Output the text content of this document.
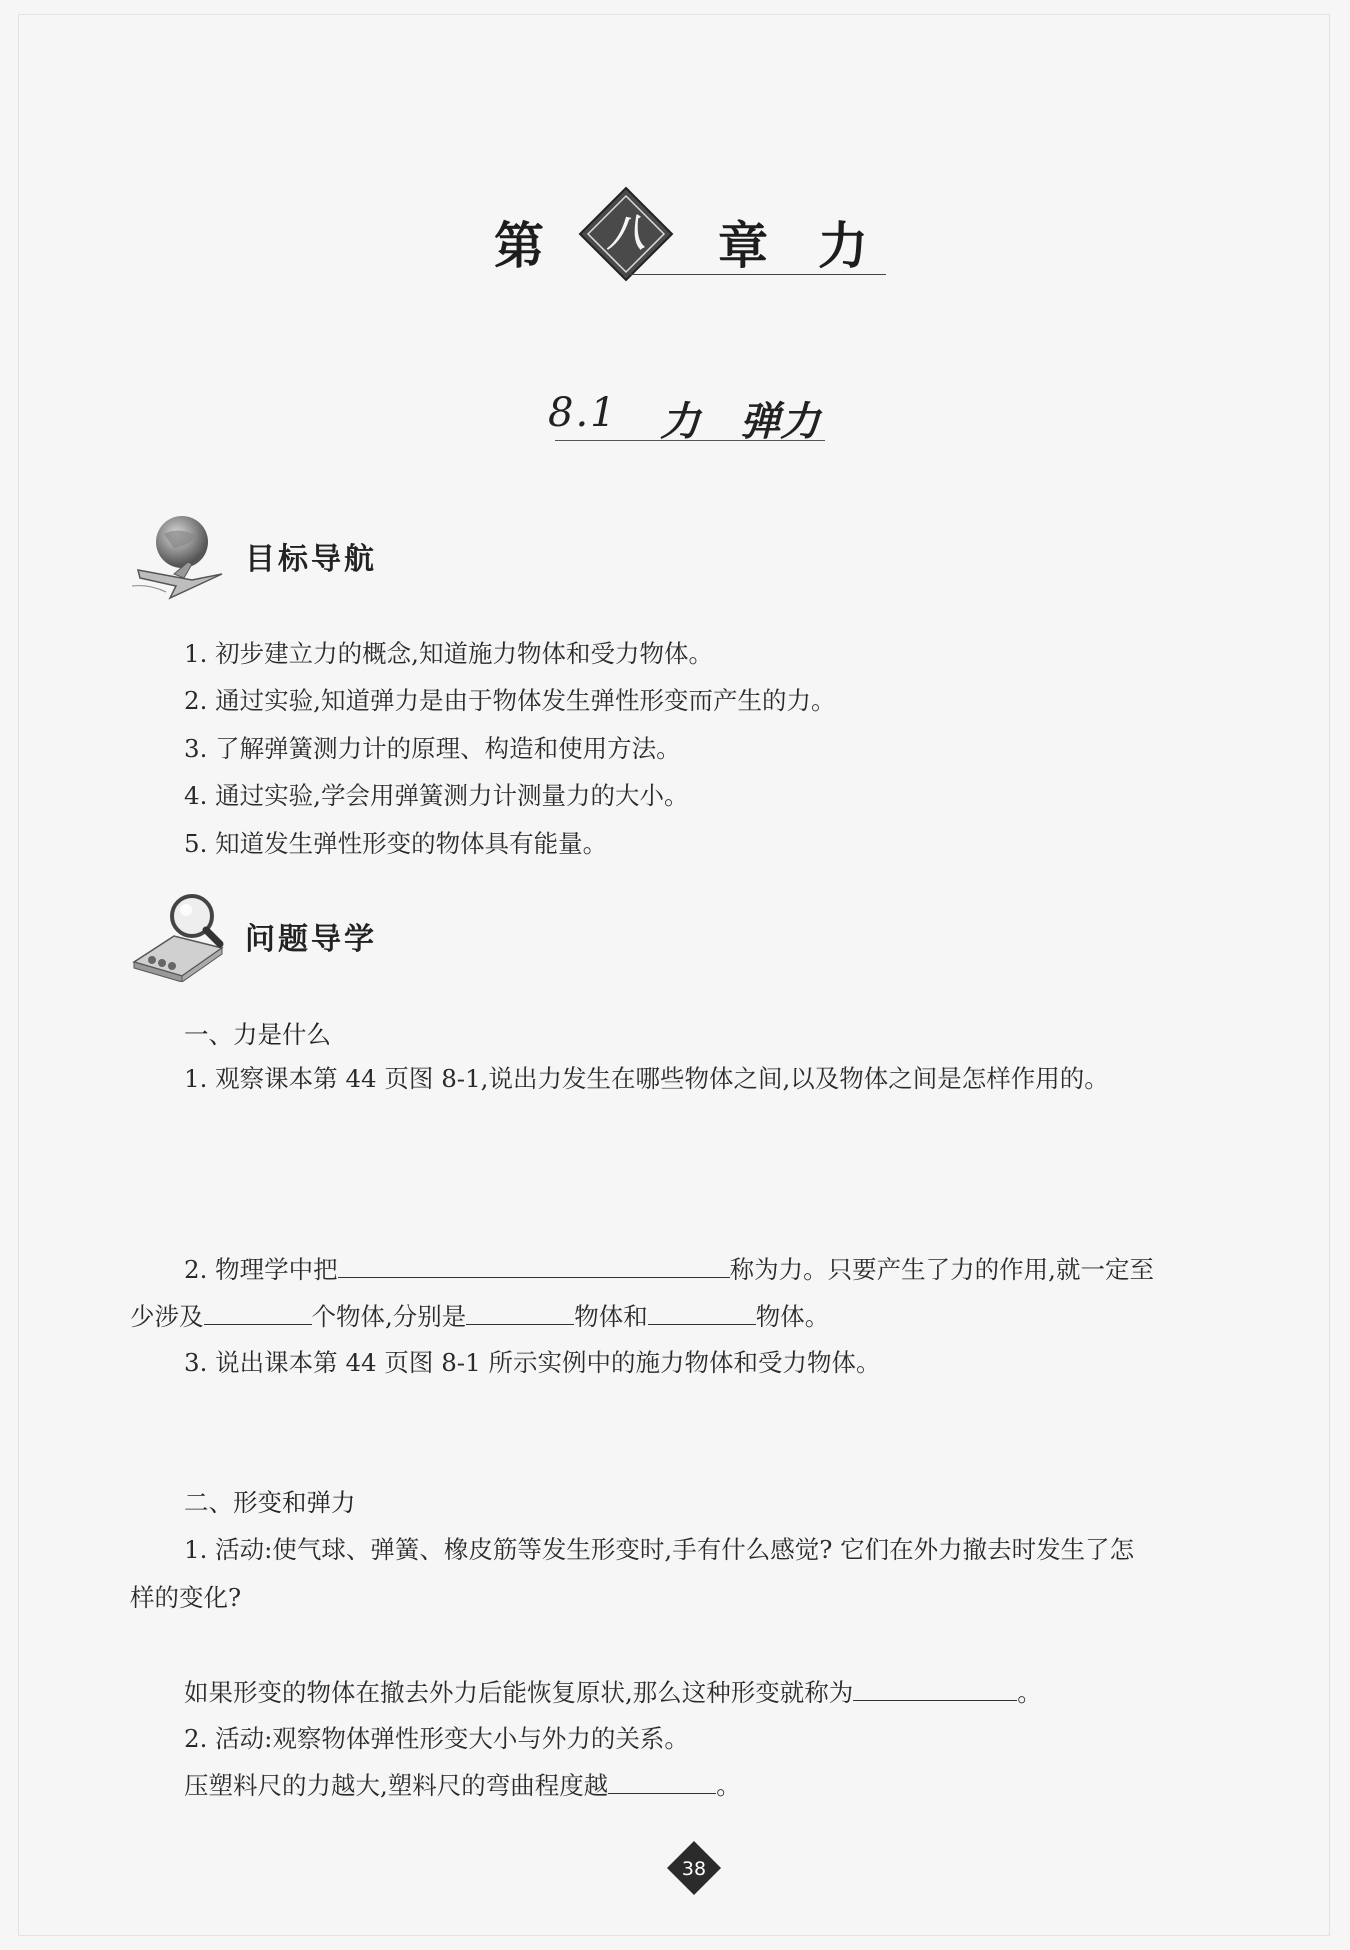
第 八 章 力
8.1 力 弹力
目标导航
1. 初步建立力的概念,知道施力物体和受力物体。
2. 通过实验,知道弹力是由于物体发生弹性形变而产生的力。
3. 了解弹簧测力计的原理、构造和使用方法。
4. 通过实验,学会用弹簧测力计测量力的大小。
5. 知道发生弹性形变的物体具有能量。
问题导学
一、力是什么
1. 观察课本第 44 页图 8-1,说出力发生在哪些物体之间,以及物体之间是怎样作用的。
2. 物理学中把	称为力。只要产生了力的作用,就一定至
少涉及	个物体,分别是	物体和	物体。
3. 说出课本第 44 页图 8-1 所示实例中的施力物体和受力物体。
二、形变和弹力
1. 活动:使气球、弹簧、橡皮筋等发生形变时,手有什么感觉? 它们在外力撤去时发生了怎
样的变化?
如果形变的物体在撤去外力后能恢复原状,那么这种形变就称为	。
2. 活动:观察物体弹性形变大小与外力的关系。
压塑料尺的力越大,塑料尺的弯曲程度越	。
38
